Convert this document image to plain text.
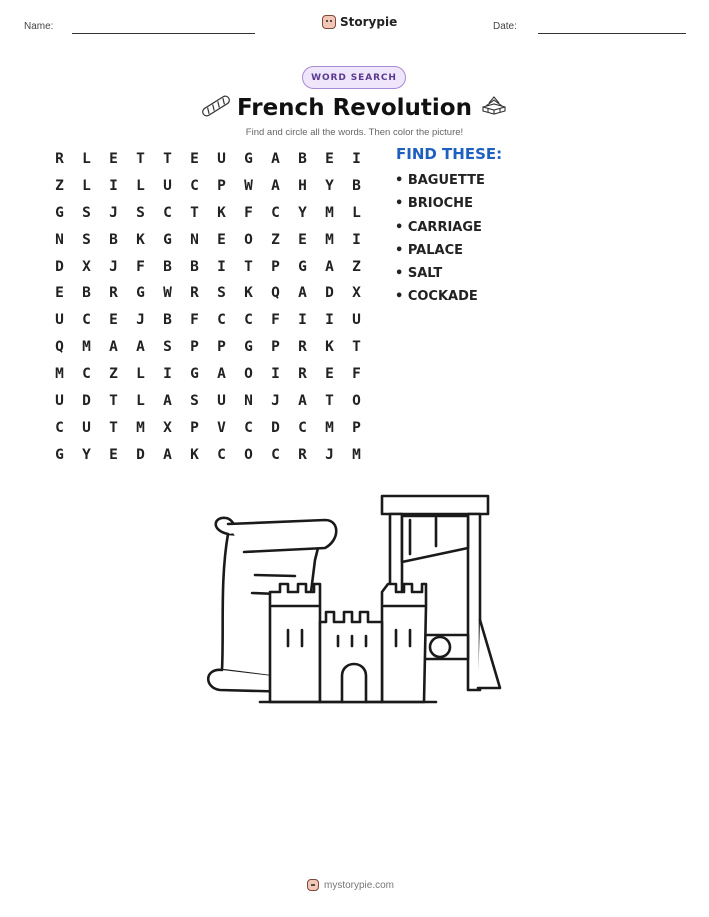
Name:	Storypie	Date:
WORD SEARCH
French Revolution
Find and circle all the words. Then color the picture!
R	L	E	T	T	E	U	G	A	B	E	I
Z	L	I	L	U	C	P	W	A	H	Y	B
G	S	J	S	C	T	K	F	C	Y	M	L
N	S	B	K	G	N	E	O	Z	E	M	I
D	X	J	F	B	B	I	T	P	G	A	Z
E	B	R	G	W	R	S	K	Q	A	D	X
U	C	E	J	B	F	C	C	F	I	I	U
Q	M	A	A	S	P	P	G	P	R	K	T
M	C	Z	L	I	G	A	O	I	R	E	F
U	D	T	L	A	S	U	N	J	A	T	O
C	U	T	M	X	P	V	C	D	C	M	P
G	Y	E	D	A	K	C	O	C	R	J	M
FIND THESE:
• BAGUETTE
• BRIOCHE
• CARRIAGE
• PALACE
• SALT
• COCKADE
mystorypie.com
